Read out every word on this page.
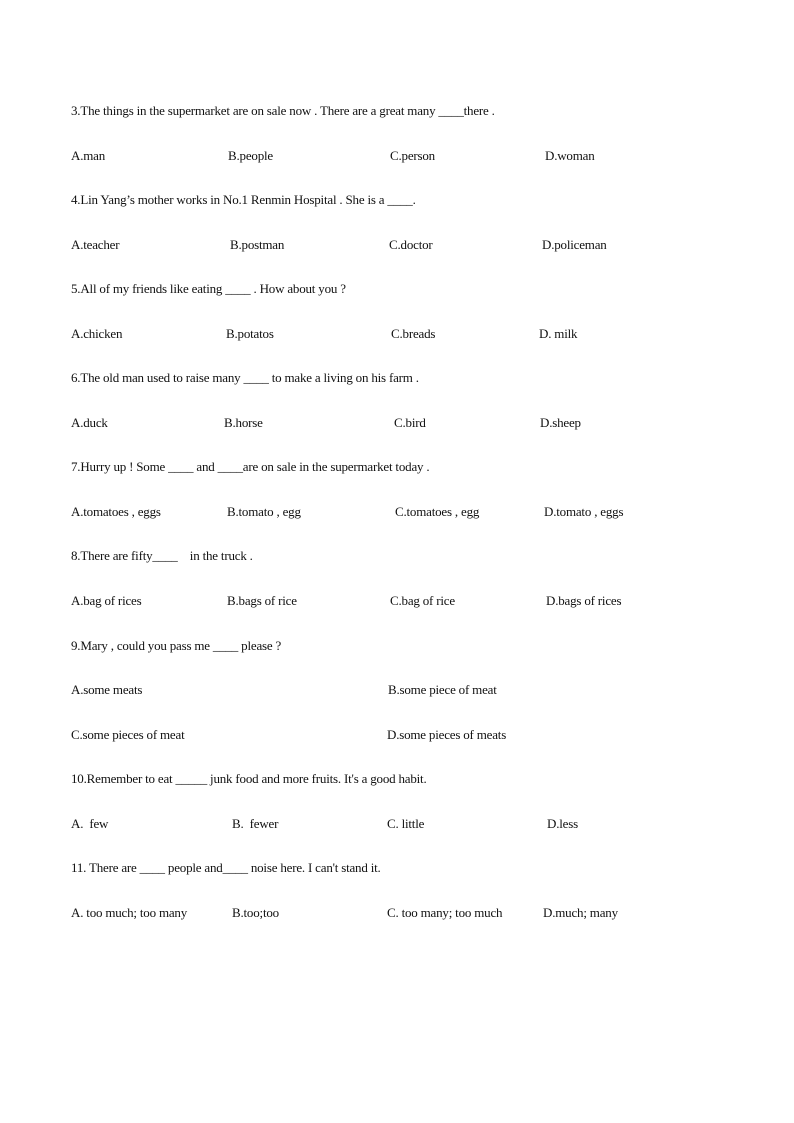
3.The things in the supermarket are on sale now . There are a great many ____there .
A.man	B.people	C.person	D.woman
4.Lin Yang’s mother works in No.1 Renmin Hospital . She is a ____.
A.teacher	B.postman	C.doctor	D.policeman
5.All of my friends like eating ____ . How about you ?
A.chicken	B.potatos	C.breads	D. milk
6.The old man used to raise many ____ to make a living on his farm .
A.duck	B.horse	C.bird	D.sheep
7.Hurry up ! Some ____ and ____are on sale in the supermarket today .
A.tomatoes , eggs	B.tomato , egg	C.tomatoes , egg	D.tomato , eggs
8.There are fifty____    in the truck .
A.bag of rices	B.bags of rice	C.bag of rice	D.bags of rices
9.Mary , could you pass me ____ please ?
A.some meats	B.some piece of meat
C.some pieces of meat	D.some pieces of meats
10.Remember to eat _____ junk food and more fruits. It's a good habit.
A.  few	B.  fewer	C. little	D.less
11. There are ____ people and____ noise here. I can't stand it.
A. too much; too many	B.too;too	C. too many; too much	D.much; many
